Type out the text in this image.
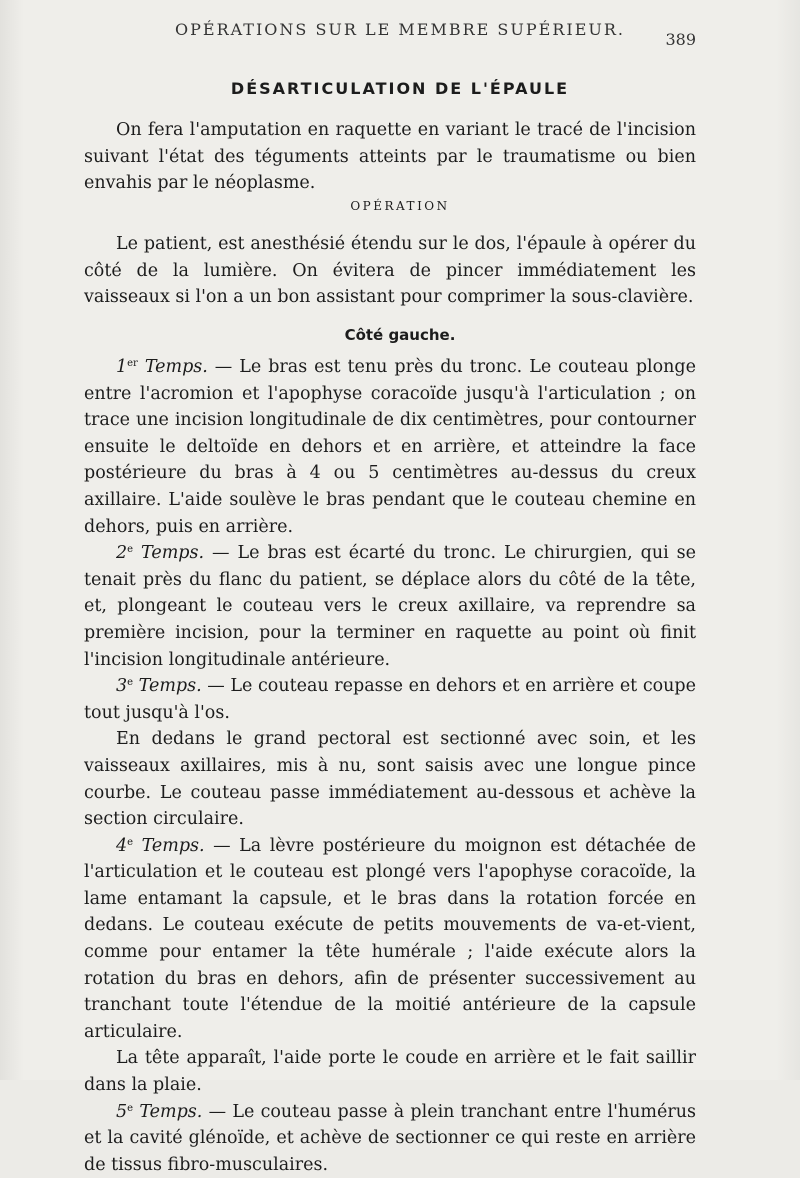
OPÉRATIONS SUR LE MEMBRE SUPÉRIEUR.
389
DÉSARTICULATION DE L'ÉPAULE

On fera l'amputation en raquette en variant le tracé de l'incision suivant l'état des téguments atteints par le traumatisme ou bien envahis par le néoplasme.

OPÉRATION

Le patient, est anesthésié étendu sur le dos, l'épaule à opérer du côté de la lumière. On évitera de pincer immédiatement les vaisseaux si l'on a un bon assistant pour comprimer la sous-clavière.

Côté gauche.

1er Temps. — Le bras est tenu près du tronc. Le couteau plonge entre l'acromion et l'apophyse coracoïde jusqu'à l'articulation ; on trace une incision longitudinale de dix centimètres, pour contourner ensuite le deltoïde en dehors et en arrière, et atteindre la face postérieure du bras à 4 ou 5 centimètres au-dessus du creux axillaire. L'aide soulève le bras pendant que le couteau chemine en dehors, puis en arrière.

2e Temps. — Le bras est écarté du tronc. Le chirurgien, qui se tenait près du flanc du patient, se déplace alors du côté de la tête, et, plongeant le couteau vers le creux axillaire, va reprendre sa première incision, pour la terminer en raquette au point où finit l'incision longitudinale antérieure.

3e Temps. — Le couteau repasse en dehors et en arrière et coupe tout jusqu'à l'os.

En dedans le grand pectoral est sectionné avec soin, et les vaisseaux axillaires, mis à nu, sont saisis avec une longue pince courbe. Le couteau passe immédiatement au-dessous et achève la section circulaire.

4e Temps. — La lèvre postérieure du moignon est détachée de l'articulation et le couteau est plongé vers l'apophyse coracoïde, la lame entamant la capsule, et le bras dans la rotation forcée en dedans. Le couteau exécute de petits mouvements de va-et-vient, comme pour entamer la tête humérale ; l'aide exécute alors la rotation du bras en dehors, afin de présenter successivement au tranchant toute l'étendue de la moitié antérieure de la capsule articulaire.

La tête apparaît, l'aide porte le coude en arrière et le fait saillir dans la plaie.

5e Temps. — Le couteau passe à plein tranchant entre l'humérus et la cavité glénoïde, et achève de sectionner ce qui reste en arrière de tissus fibro-musculaires.
